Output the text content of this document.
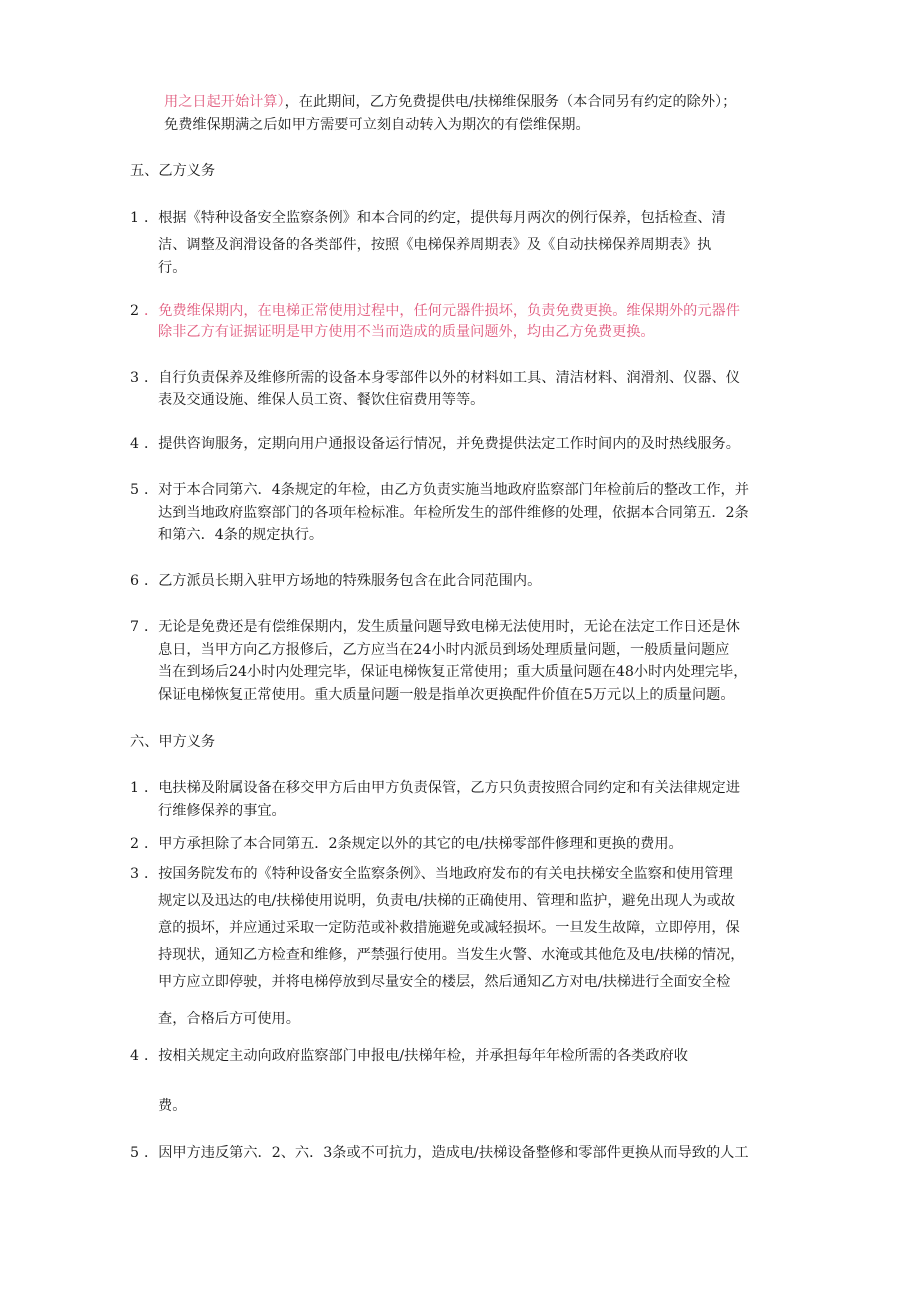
用之日起开始计算），在此期间，乙方免费提供电/扶梯维保服务（本合同另有约定的除外）；
免费维保期满之后如甲方需要可立刻自动转入为期次的有偿维保期。
五、乙方义务
1 ．根据《特种设备安全监察条例》和本合同的约定，提供每月两次的例行保养，包括检查、清
洁、调整及润滑设备的各类部件，按照《电梯保养周期表》及《自动扶梯保养周期表》执
行。
2 ．免费维保期内，在电梯正常使用过程中，任何元器件损坏，负责免费更换。维保期外的元器件
除非乙方有证据证明是甲方使用不当而造成的质量问题外，均由乙方免费更换。
3 ．自行负责保养及维修所需的设备本身零部件以外的材料如工具、清洁材料、润滑剂、仪器、仪
表及交通设施、维保人员工资、餐饮住宿费用等等。
4 ．提供咨询服务，定期向用户通报设备运行情况，并免费提供法定工作时间内的及时热线服务。
5 ．对于本合同第六．4条规定的年检，由乙方负责实施当地政府监察部门年检前后的整改工作，并
达到当地政府监察部门的各项年检标准。年检所发生的部件维修的处理，依据本合同第五．2条
和第六．4条的规定执行。
6 ．乙方派员长期入驻甲方场地的特殊服务包含在此合同范围内。
7 ．无论是免费还是有偿维保期内，发生质量问题导致电梯无法使用时，无论在法定工作日还是休
息日，当甲方向乙方报修后，乙方应当在24小时内派员到场处理质量问题，一般质量问题应
当在到场后24小时内处理完毕，保证电梯恢复正常使用；重大质量问题在48小时内处理完毕，
保证电梯恢复正常使用。重大质量问题一般是指单次更换配件价值在5万元以上的质量问题。
六、甲方义务
1 ．电扶梯及附属设备在移交甲方后由甲方负责保管，乙方只负责按照合同约定和有关法律规定进
行维修保养的事宜。
2 ．甲方承担除了本合同第五．2条规定以外的其它的电/扶梯零部件修理和更换的费用。
3 ．按国务院发布的《特种设备安全监察条例》、当地政府发布的有关电扶梯安全监察和使用管理
规定以及迅达的电/扶梯使用说明，负责电/扶梯的正确使用、管理和监护，避免出现人为或故
意的损坏，并应通过采取一定防范或补救措施避免或减轻损坏。一旦发生故障，立即停用，保
持现状，通知乙方检查和维修，严禁强行使用。当发生火警、水淹或其他危及电/扶梯的情况，
甲方应立即停驶，并将电梯停放到尽量安全的楼层，然后通知乙方对电/扶梯进行全面安全检
查，合格后方可使用。
4 ．按相关规定主动向政府监察部门申报电/扶梯年检，并承担每年年检所需的各类政府收
费。
5 ．因甲方违反第六．2、六．3条或不可抗力，造成电/扶梯设备整修和零部件更换从而导致的人工
